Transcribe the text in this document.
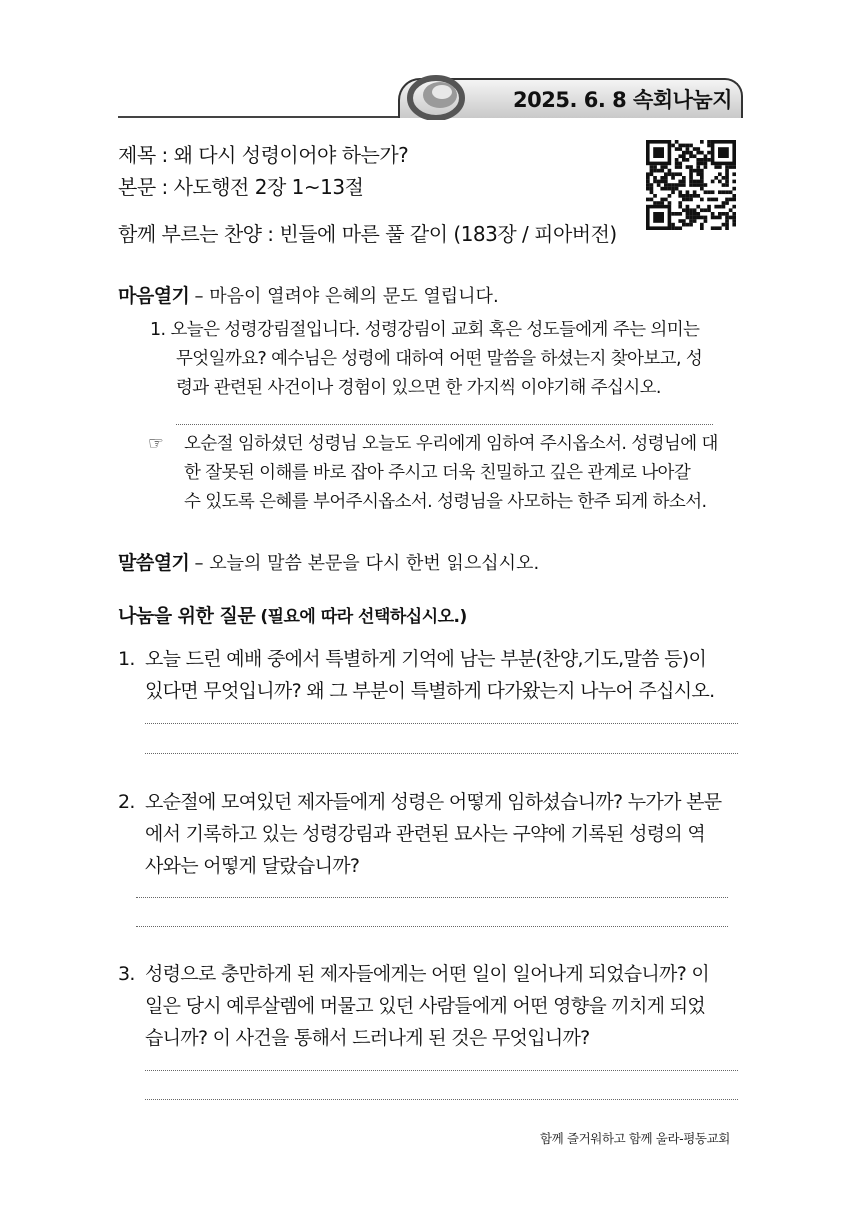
2025. 6. 8 속회나눔지
제목 : 왜 다시 성령이어야 하는가?
본문 : 사도행전 2장 1~13절
함께 부르는 찬양 : 빈들에 마른 풀 같이 (183장 / 피아버전)
마음열기 – 마음이 열려야 은혜의 문도 열립니다.
1. 오늘은 성령강림절입니다. 성령강림이 교회 혹은 성도들에게 주는 의미는
무엇일까요? 예수님은 성령에 대하여 어떤 말씀을 하셨는지 찾아보고, 성
령과 관련된 사건이나 경험이 있으면 한 가지씩 이야기해 주십시오.
☞ 오순절 임하셨던 성령님 오늘도 우리에게 임하여 주시옵소서. 성령님에 대
한 잘못된 이해를 바로 잡아 주시고 더욱 친밀하고 깊은 관계로 나아갈
수 있도록 은혜를 부어주시옵소서. 성령님을 사모하는 한주 되게 하소서.
말씀열기 – 오늘의 말씀 본문을 다시 한번 읽으십시오.
나눔을 위한 질문 (필요에 따라 선택하십시오.)
1. 오늘 드린 예배 중에서 특별하게 기억에 남는 부분(찬양,기도,말씀 등)이
있다면 무엇입니까? 왜 그 부분이 특별하게 다가왔는지 나누어 주십시오.
2. 오순절에 모여있던 제자들에게 성령은 어떻게 임하셨습니까? 누가가 본문
에서 기록하고 있는 성령강림과 관련된 묘사는 구약에 기록된 성령의 역
사와는 어떻게 달랐습니까?
3. 성령으로 충만하게 된 제자들에게는 어떤 일이 일어나게 되었습니까? 이
일은 당시 예루살렘에 머물고 있던 사람들에게 어떤 영향을 끼치게 되었
습니까? 이 사건을 통해서 드러나게 된 것은 무엇입니까?
함께 즐거워하고 함께 울라-평동교회
